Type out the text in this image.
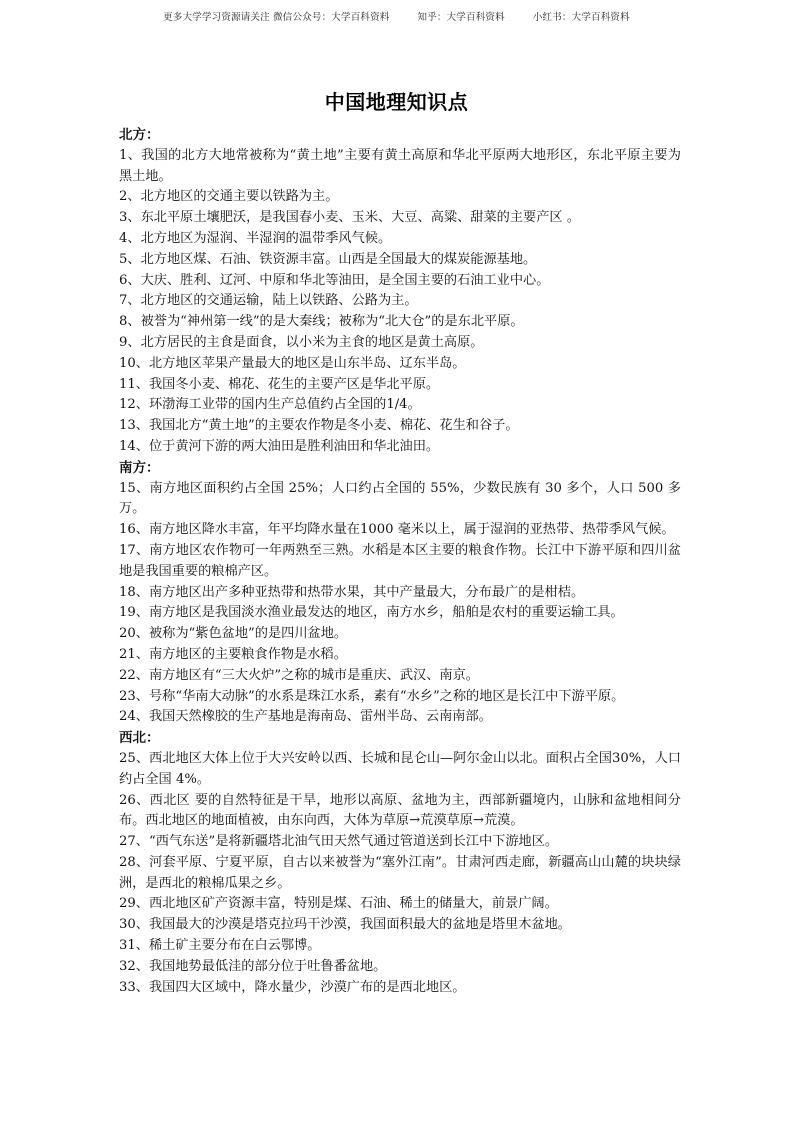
更多大学学习资源请关注 微信公众号：大学百科资料	知乎：大学百科资料	小红书：大学百科资料
中国地理知识点

北方：

1、我国的北方大地常被称为“黄土地”主要有黄土高原和华北平原两大地形区，东北平原主要为黑土地。

2、北方地区的交通主要以铁路为主。

3、东北平原土壤肥沃，是我国春小麦、玉米、大豆、高粱、甜菜的主要产区 。

4、北方地区为湿润、半湿润的温带季风气候。

5、北方地区煤、石油、铁资源丰富。山西是全国最大的煤炭能源基地。

6、大庆、胜利、辽河、中原和华北等油田，是全国主要的石油工业中心。

7、北方地区的交通运输，陆上以铁路、公路为主。

8、被誉为“神州第一线”的是大秦线；被称为“北大仓”的是东北平原。

9、北方居民的主食是面食，以小米为主食的地区是黄土高原。

10、北方地区苹果产量最大的地区是山东半岛、辽东半岛。

11、我国冬小麦、棉花、花生的主要产区是华北平原。

12、环渤海工业带的国内生产总值约占全国的1/4。

13、我国北方“黄土地”的主要农作物是冬小麦、棉花、花生和谷子。

14、位于黄河下游的两大油田是胜利油田和华北油田。

南方：

15、南方地区面积约占全国 25%；人口约占全国的 55%，少数民族有 30 多个，人口 500 多万。

16、南方地区降水丰富，年平均降水量在1000 毫米以上，属于湿润的亚热带、热带季风气候。

17、南方地区农作物可一年两熟至三熟。水稻是本区主要的粮食作物。长江中下游平原和四川盆地是我国重要的粮棉产区。

18、南方地区出产多种亚热带和热带水果，其中产量最大，分布最广的是柑桔。

19、南方地区是我国淡水渔业最发达的地区，南方水乡，船舶是农村的重要运输工具。

20、被称为“紫色盆地”的是四川盆地。

21、南方地区的主要粮食作物是水稻。

22、南方地区有“三大火炉”之称的城市是重庆、武汉、南京。

23、号称“华南大动脉”的水系是珠江水系，素有“水乡”之称的地区是长江中下游平原。

24、我国天然橡胶的生产基地是海南岛、雷州半岛、云南南部。

西北：

25、西北地区大体上位于大兴安岭以西、长城和昆仑山—阿尔金山以北。面积占全国30%，人口约占全国 4%。

26、西北区 要的自然特征是干旱，地形以高原、盆地为主，西部新疆境内，山脉和盆地相间分布。西北地区的地面植被，由东向西，大体为草原→荒漠草原→荒漠。

27、“西气东送”是将新疆塔北油气田天然气通过管道送到长江中下游地区。

28、河套平原、宁夏平原，自古以来被誉为“塞外江南”。甘肃河西走廊，新疆高山山麓的块块绿洲，是西北的粮棉瓜果之乡。

29、西北地区矿产资源丰富，特别是煤、石油、稀土的储量大，前景广阔。

30、我国最大的沙漠是塔克拉玛干沙漠，我国面积最大的盆地是塔里木盆地。

31、稀土矿主要分布在白云鄂博。

32、我国地势最低洼的部分位于吐鲁番盆地。

33、我国四大区域中，降水量少，沙漠广布的是西北地区。
